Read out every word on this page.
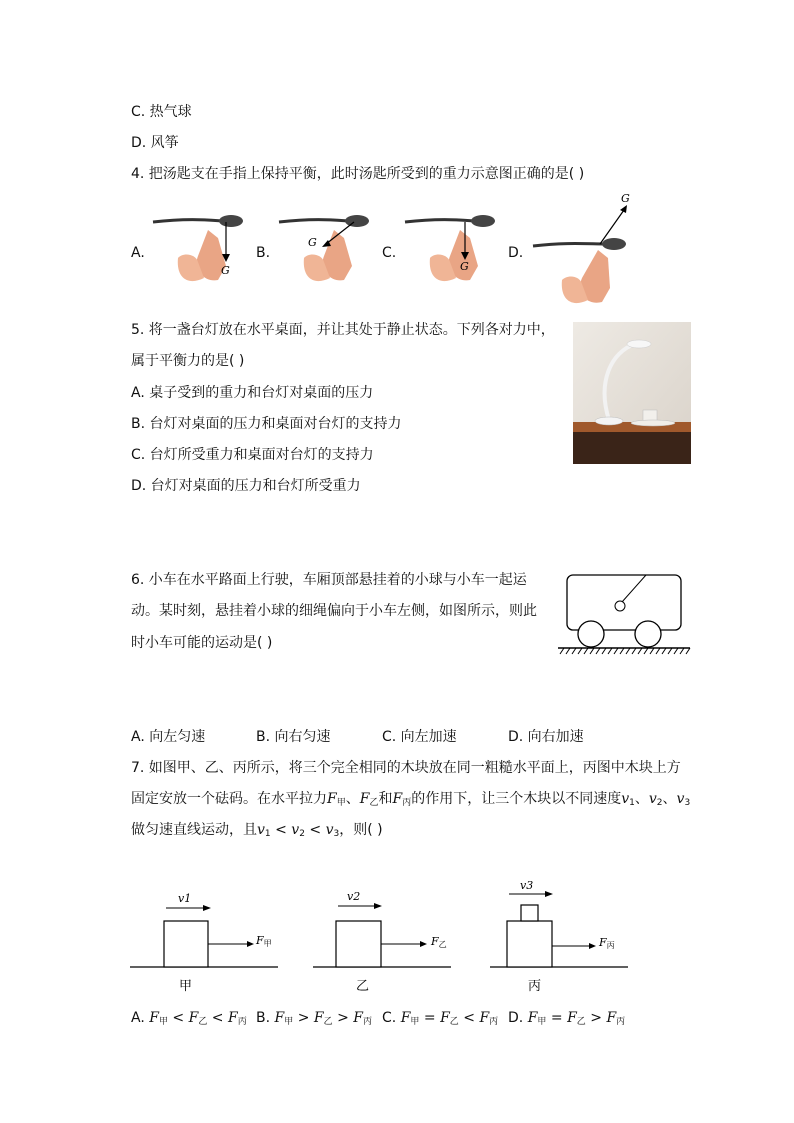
C. 热气球
D. 风筝
4. 把汤匙支在手指上保持平衡，此时汤匙所受到的重力示意图正确的是( )
A.
G
B.
G
C.
G
D.
G
5. 将一盏台灯放在水平桌面，并让其处于静止状态。下列各对力中，
属于平衡力的是( )
A. 桌子受到的重力和台灯对桌面的压力
B. 台灯对桌面的压力和桌面对台灯的支持力
C. 台灯所受重力和桌面对台灯的支持力
D. 台灯对桌面的压力和台灯所受重力
6. 小车在水平路面上行驶，车厢顶部悬挂着的小球与小车一起运
动。某时刻，悬挂着小球的细绳偏向于小车左侧，如图所示，则此
时小车可能的运动是( )
A. 向左匀速	B. 向右匀速	C. 向左加速	D. 向右加速
7. 如图甲、乙、丙所示，将三个完全相同的木块放在同一粗糙水平面上，丙图中木块上方
固定安放一个砝码。在水平拉力$F_甲$、$F_乙$和$F_丙$的作用下，让三个木块以不同速度$v_1$、$v_2$、$v_3$
做匀速直线运动，且$v_1 < v_2 < v_3$，则( )
F甲
v1
甲
F乙
v2
乙
F丙
v3
丙
A. $F_甲 < F_乙 < F_丙$ B. $F_甲 > F_乙 > F_丙$ C. $F_甲 = F_乙 < F_丙$ D. $F_甲 = F_乙 > F_丙$
